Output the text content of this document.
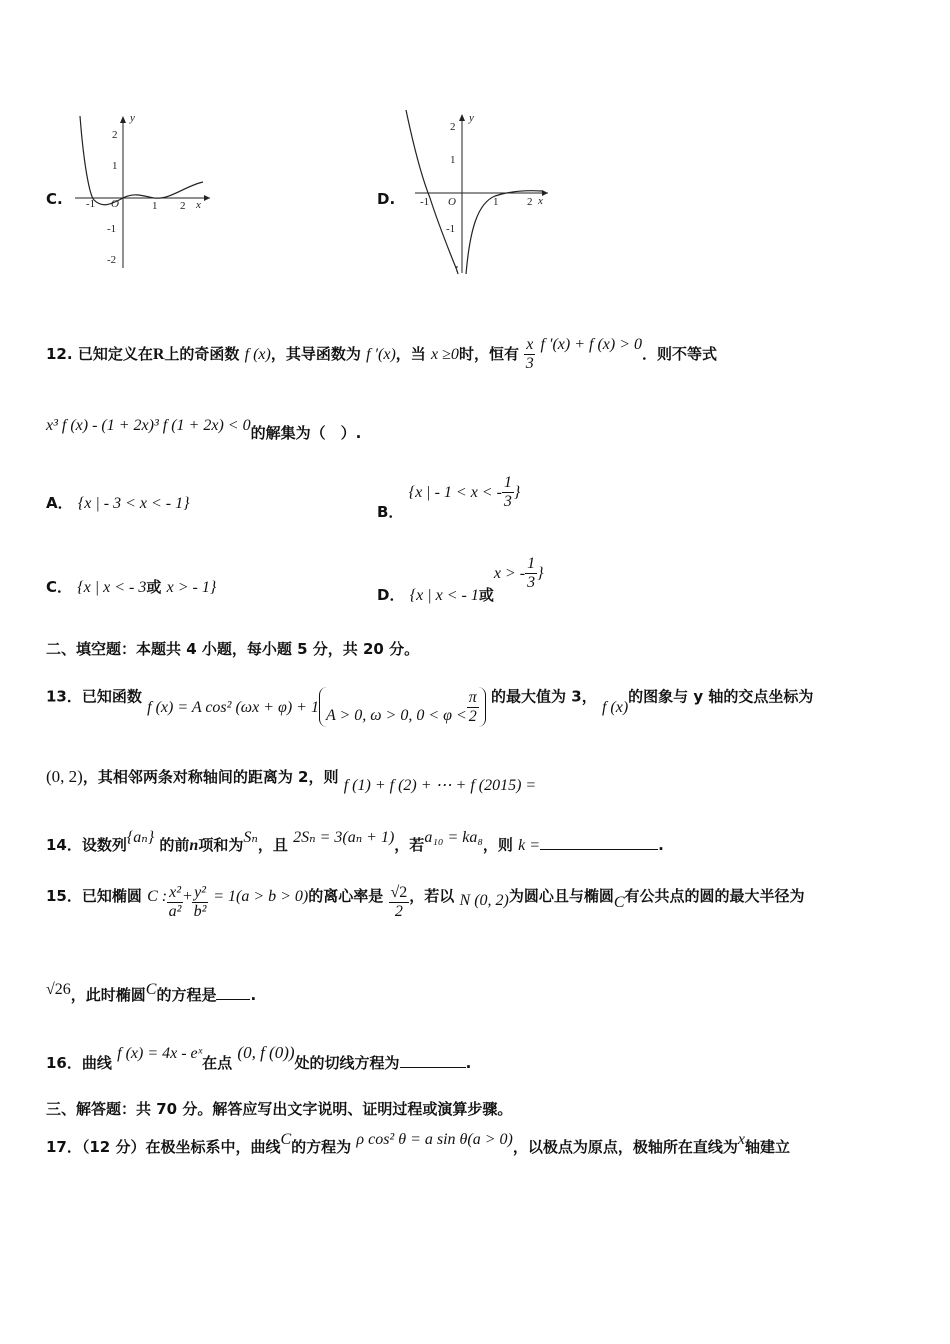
C.
y
x
O
2
1
-1
-2
-1	1 2	D.
y
x
O
2
1
-1
-1	1	2
12. 已知定义在R上的奇函数 f (x)，其导函数为 f ′(x)，当 x ≥0时，恒有 $\frac{x}{3}$ f ′(x) + f (x) > 0．则不等式
x³ f (x) - (1 + 2x)³ f (1 + 2x) < 0的解集为（　）.
A． {x | - 3 < x < - 1}	B． {x | - 1 < x < - $\frac{1}{3}$ }
C． {x | x < - 3或 x > - 1}	D． {x | x < - 1或x > - $\frac{1}{3}$ }
二、填空题：本题共 4 小题，每小题 5 分，共 20 分。
13．已知函数 f (x) = A cos² (ωx + φ) + 1 A > 0, ω > 0, $0 < \varphi < \frac{\pi}{2}$ 的最大值为 3， f (x)的图象与 y 轴的交点坐标为
(0, 2)，其相邻两条对称轴间的距离为 2，则 f (1) + f (2) + ⋯ + f (2015) =
14．设数列{aₙ} 的前n项和为Sₙ，且 2Sₙ = 3(aₙ + 1)，若a₁₀ = ka₈，则 k =	.
15．已知椭圆 C : $\frac{\text{x²}}{\text{a²}} + \frac{\text{y²}}{\text{b²}} = 1(a > b > 0)$的离心率是 $\frac{√2}{2}$ ，若以 N (0, 2)为圆心且与椭圆C有公共点的圆的最大半径为
√26，此时椭圆C的方程是 .
16．曲线 f (x) = 4x - eˣ在点 (0, f (0))处的切线方程为	.
三、解答题：共 70 分。解答应写出文字说明、证明过程或演算步骤。
17．（12 分）在极坐标系中，曲线C的方程为 ρ cos² θ = a sin θ(a > 0)，以极点为原点，极轴所在直线为x轴建立
